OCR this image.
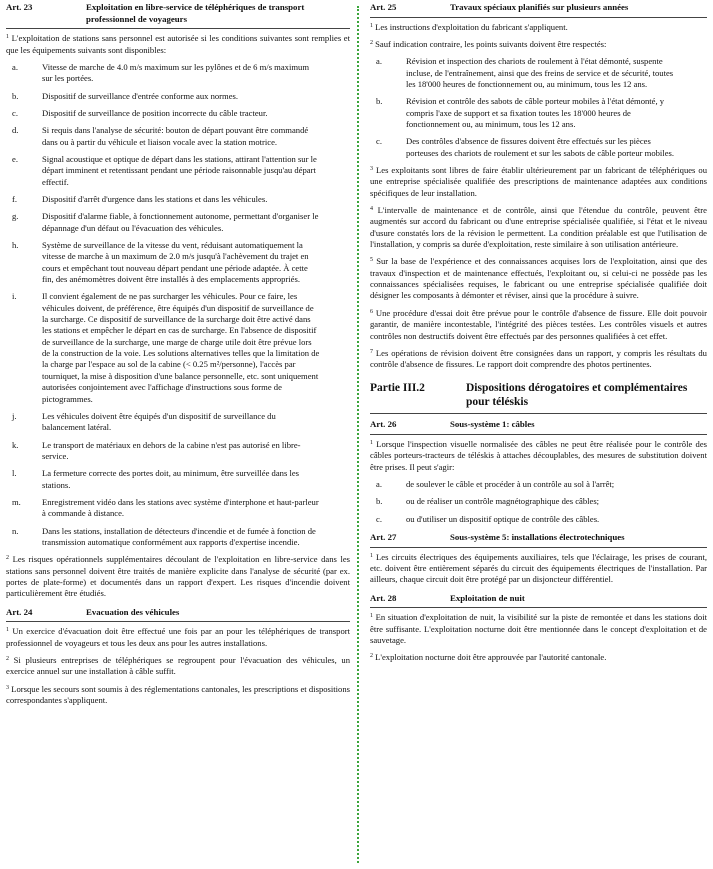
Art. 23	Exploitation en libre-service de téléphériques de transport professionnel de voyageurs

$^1$ L'exploitation de stations sans personnel est autorisée si les conditions suivantes sont remplies et que les équipements suivants sont disponibles:

a.	Vitesse de marche de 4.0 m/s maximum sur les pylônes et de 6 m/s maximum sur les portées.
b.	Dispositif de surveillance d'entrée conforme aux normes.
c.	Dispositif de surveillance de position incorrecte du câble tracteur.
d.	Si requis dans l'analyse de sécurité: bouton de départ pouvant être commandé dans ou à partir du véhicule et liaison vocale avec la station motrice.
e.	Signal acoustique et optique de départ dans les stations, attirant l'attention sur le départ imminent et retentissant pendant une période raisonnable jusqu'au départ effectif.
f.	Dispositif d'arrêt d'urgence dans les stations et dans les véhicules.
g.	Dispositif d'alarme fiable, à fonctionnement autonome, permettant d'organiser le dépannage d'un défaut ou l'évacuation des véhicules.
h.	Système de surveillance de la vitesse du vent, réduisant automatiquement la vitesse de marche à un maximum de 2.0 m/s jusqu'à l'achèvement du trajet en cours et empêchant tout nouveau départ pendant une période adaptée. À cette fin, des anémomètres doivent être installés à des emplacements appropriés.
i.	Il convient également de ne pas surcharger les véhicules. Pour ce faire, les véhicules doivent, de préférence, être équipés d'un dispositif de surveillance de la surcharge. Ce dispositif de surveillance de la surcharge doit être activé dans les stations et empêcher le départ en cas de surcharge. En l'absence de dispositif de surveillance de la surcharge, une marge de charge utile doit être prévue lors de la construction de la voie. Les solutions alternatives telles que la limitation de la charge par l'espace au sol de la cabine (< 0.25 m²/personne), l'accès par tourniquet, la mise à disposition d'une balance personnelle, etc. sont uniquement autorisées conjointement avec l'affichage d'instructions sous forme de pictogrammes.
j.	Les véhicules doivent être équipés d'un dispositif de surveillance du balancement latéral.
k.	Le transport de matériaux en dehors de la cabine n'est pas autorisé en libre-service.
l.	La fermeture correcte des portes doit, au minimum, être surveillée dans les stations.
m.	Enregistrement vidéo dans les stations avec système d'interphone et haut-parleur à commande à distance.
n.	Dans les stations, installation de détecteurs d'incendie et de fumée à fonction de transmission automatique conformément aux rapports d'expertise incendie.

$^2$ Les risques opérationnels supplémentaires découlant de l'exploitation en libre-service dans les stations sans personnel doivent être traités de manière explicite dans l'analyse de sécurité (par ex. portes de plate-forme) et documentés dans un rapport d'expert. Les risques d'incendie doivent particulièrement être étudiés.

Art. 24	Evacuation des véhicules

$^1$ Un exercice d'évacuation doit être effectué une fois par an pour les téléphériques de transport professionnel de voyageurs et tous les deux ans pour les autres installations.

$^2$ Si plusieurs entreprises de téléphériques se regroupent pour l'évacuation des véhicules, un exercice annuel sur une installation à câble suffit.

$^3$ Lorsque les secours sont soumis à des réglementations cantonales, les prescriptions et dispositions correspondantes s'appliquent.

Art. 25	Travaux spéciaux planifiés sur plusieurs années

$^1$ Les instructions d'exploitation du fabricant s'appliquent.

$^2$ Sauf indication contraire, les points suivants doivent être respectés:

a.	Révision et inspection des chariots de roulement à l'état démonté, suspente incluse, de l'entraînement, ainsi que des freins de service et de sécurité, toutes les 18'000 heures de fonctionnement ou, au minimum, tous les 12 ans.
b.	Révision et contrôle des sabots de câble porteur mobiles à l'état démonté, y compris l'axe de support et sa fixation toutes les 18'000 heures de fonctionnement ou, au minimum, tous les 12 ans.
c.	Des contrôles d'absence de fissures doivent être effectués sur les pièces porteuses des chariots de roulement et sur les sabots de câble porteur mobiles.

$^3$ Les exploitants sont libres de faire établir ultérieurement par un fabricant de téléphériques ou une entreprise spécialisée qualifiée des prescriptions de maintenance adaptées aux conditions spécifiques de leur installation.

$^4$ L'intervalle de maintenance et de contrôle, ainsi que l'étendue du contrôle, peuvent être augmentés sur accord du fabricant ou d'une entreprise spécialisée qualifiée, si l'état et le niveau d'usure constatés lors de la révision le permettent. La condition préalable est que l'utilisation de l'installation, y compris sa durée d'exploitation, reste similaire à son utilisation antérieure.

$^5$ Sur la base de l'expérience et des connaissances acquises lors de l'exploitation, ainsi que des travaux d'inspection et de maintenance effectués, l'exploitant ou, si celui-ci ne possède pas les connaissances spécialisées requises, le fabricant ou une entreprise spécialisée qualifiée doit désigner les composants à démonter et réviser, ainsi que la procédure à suivre.

$^6$ Une procédure d'essai doit être prévue pour le contrôle d'absence de fissure. Elle doit pouvoir garantir, de manière incontestable, l'intégrité des pièces testées. Les contrôles visuels et autres contrôles non destructifs doivent être effectués par des personnes qualifiées à cet effet.

$^7$ Les opérations de révision doivent être consignées dans un rapport, y compris les résultats du contrôle d'absence de fissures. Le rapport doit comprendre des photos pertinentes.

Partie III.2	Dispositions dérogatoires et complémentaires pour téléskis
Art. 26	Sous-système 1: câbles

$^1$ Lorsque l'inspection visuelle normalisée des câbles ne peut être réalisée pour le contrôle des câbles porteurs-tracteurs de téléskis à attaches découplables, des mesures de substitution doivent être prises. Il peut s'agir:

a.	de soulever le câble et procéder à un contrôle au sol à l'arrêt;
b.	ou de réaliser un contrôle magnétographique des câbles;
c.	ou d'utiliser un dispositif optique de contrôle des câbles.
Art. 27	Sous-système 5: installations électrotechniques

$^1$ Les circuits électriques des équipements auxiliaires, tels que l'éclairage, les prises de courant, etc. doivent être entièrement séparés du circuit des équipements électriques de l'installation. Par ailleurs, chaque circuit doit être protégé par un disjoncteur différentiel.

Art. 28	Exploitation de nuit

$^1$ En situation d'exploitation de nuit, la visibilité sur la piste de remontée et dans les stations doit être suffisante. L'exploitation nocturne doit être mentionnée dans le concept d'exploitation et de sauvetage.

$^2$ L'exploitation nocturne doit être approuvée par l'autorité cantonale.
